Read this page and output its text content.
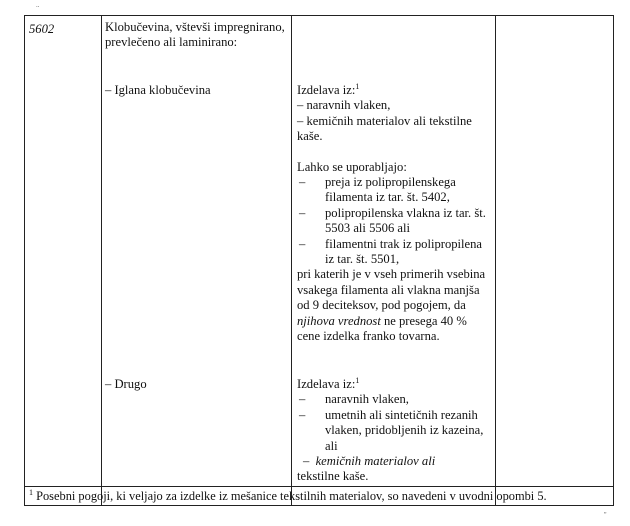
..
''
5602	Klobučevina, vštevši impregnirano, prevlečeno ali laminirano:
– Iglana klobučevina	Izdelava iz:$^1$
– naravnih vlaken,
– kemičnih materialov ali tekstilne kaše.
Lahko se uporabljajo:
– preja iz polipropilenskega filamenta iz tar. št. 5402,
– polipropilenska vlakna iz tar. št. 5503 ali 5506 ali
– filamentni trak iz polipropilena iz tar. št. 5501,
pri katerih je v vseh primerih vsebina vsakega filamenta ali vlakna manjša od 9 deciteksov, pod pogojem, da njihova vrednost ne presega 40 % cene izdelka franko tovarna.
– Drugo	Izdelava iz:$^1$
– naravnih vlaken,
– umetnih ali sintetičnih rezanih vlaken, pridobljenih iz kazeina, ali
–  kemičnih materialov ali
tekstilne kaše.
$^1$ Posebni pogoji, ki veljajo za izdelke iz mešanice tekstilnih materialov, so navedeni v uvodni opombi 5.
